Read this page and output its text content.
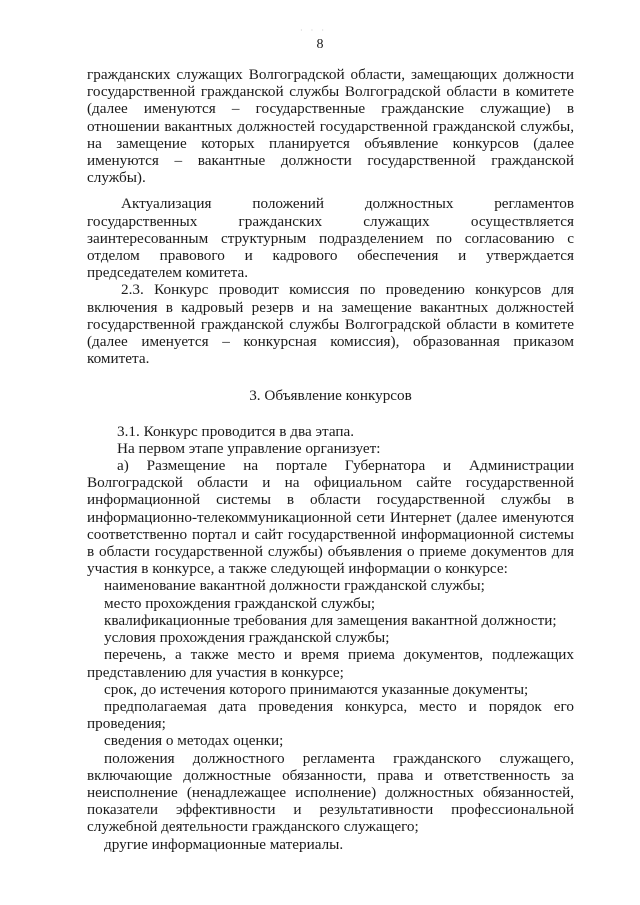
· · ·
8

гражданских служащих Волгоградской области, замещающих должности государственной гражданской службы Волгоградской области в комитете (далее именуются – государственные гражданские служащие) в отношении вакантных должностей государственной гражданской службы, на замещение которых планируется объявление конкурсов (далее именуются – вакантные должности государственной гражданской службы).

Актуализация положений должностных регламентов государственных гражданских служащих осуществляется заинтересованным структурным подразделением по согласованию с отделом правового и кадрового обеспечения и утверждается председателем комитета.

2.3. Конкурс проводит комиссия по проведению конкурсов для включения в кадровый резерв и на замещение вакантных должностей государственной гражданской службы Волгоградской области в комитете (далее именуется – конкурсная комиссия), образованная приказом комитета.

3. Объявление конкурсов

3.1. Конкурс проводится в два этапа.

На первом этапе управление организует:

а) Размещение на портале Губернатора и Администрации Волгоградской области и на официальном сайте государственной информационной системы в области государственной службы в информационно-телекоммуникационной сети Интернет (далее именуются соответственно портал и сайт государственной информационной системы в области государственной службы) объявления о приеме документов для участия в конкурсе, а также следующей информации о конкурсе:

наименование вакантной должности гражданской службы;

место прохождения гражданской службы;

квалификационные требования для замещения вакантной должности;

условия прохождения гражданской службы;

перечень, а также место и время приема документов, подлежащих представлению для участия в конкурсе;

срок, до истечения которого принимаются указанные документы;

предполагаемая дата проведения конкурса, место и порядок его проведения;

сведения о методах оценки;

положения должностного регламента гражданского служащего, включающие должностные обязанности, права и ответственность за неисполнение (ненадлежащее исполнение) должностных обязанностей, показатели эффективности и результативности профессиональной служебной деятельности гражданского служащего;

другие информационные материалы.
